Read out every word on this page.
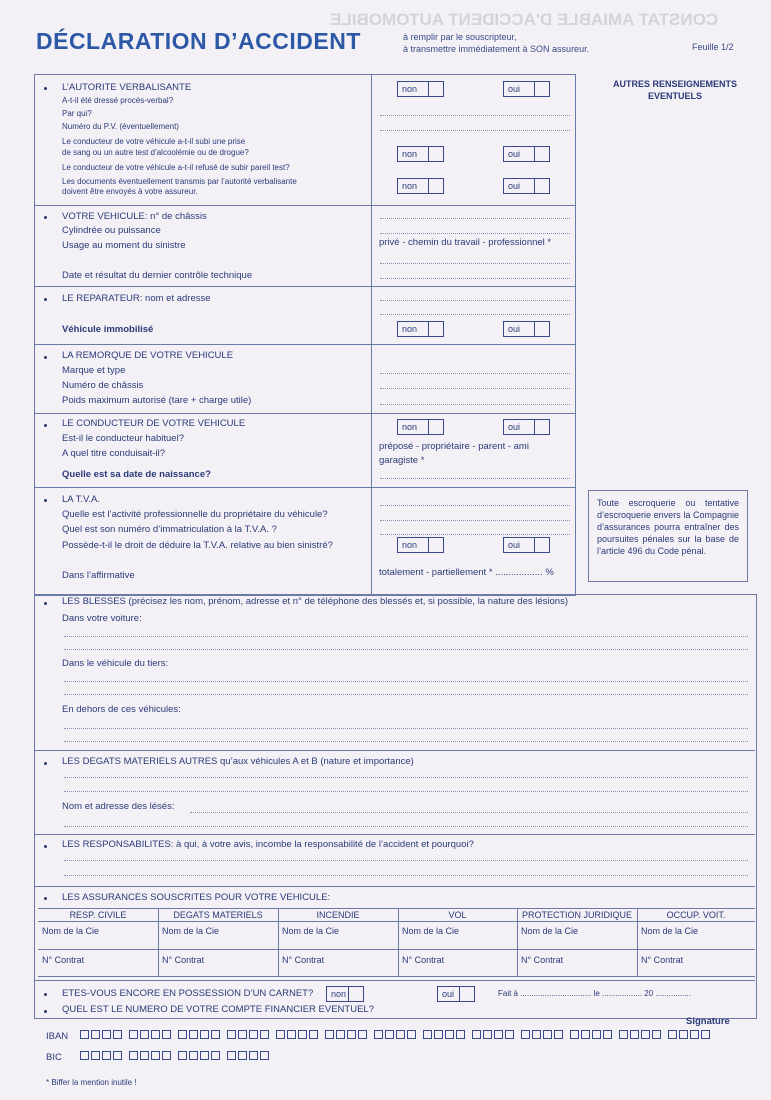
CONSTAT AMIABLE D'ACCIDENT AUTOMOBILE
DÉCLARATION D’ACCIDENT	à remplir par le souscripteur,
à transmettre immédiatement à SON assureur.	Feuille 1/2
AUTRES RENSEIGNEMENTS
EVENTUELS
L’AUTORITE VERBALISANTE
A-t-il été dressé procès-verbal?
Par qui?
Numéro du P.V. (éventuellement)
Le conducteur de votre véhicule a-t-il subi une prise
de sang ou un autre test d’alcoolémie ou de drogue?
Le conducteur de votre véhicule a-t-il refusé de subir pareil test?
Les documents éventuellement transmis par l’autorité verbalisante
doivent être envoyés à votre assureur.
non	oui
non	oui
non	oui
VOTRE VEHICULE: n° de châssis
Cylindrée ou puissance
Usage au moment du sinistre
Date et résultat du dernier contrôle technique
privé - chemin du travail - professionnel *
LE REPARATEUR: nom et adresse
Véhicule immobilisé	non	oui
LA REMORQUE DE VOTRE VEHICULE
Marque et type
Numéro de châssis
Poids maximum autorisé (tare + charge utile)
LE CONDUCTEUR DE VOTRE VEHICULE
Est-il le conducteur habituel?
A quel titre conduisait-il?
Quelle est sa date de naissance?
non	oui
préposé - propriétaire - parent - ami
garagiste *
LA T.V.A.
Quelle est l’activité professionnelle du propriétaire du véhicule?
Quel est son numéro d’immatriculation à la T.V.A. ?
Possède-t-il le droit de déduire la T.V.A. relative au bien sinistré?
Dans l’affirmative
non	oui
totalement - partiellement * .................. %
Toute escroquerie ou tentative d’escroquerie envers la Compagnie d’assurances pourra entraîner des poursuites pénales sur la base de l’article 496 du Code pénal.
LES BLESSES (précisez les nom, prénom, adresse et n° de téléphone des blessés et, si possible, la nature des lésions)
Dans votre voiture:
Dans le véhicule du tiers:
En dehors de ces véhicules:
LES DEGATS MATERIELS AUTRES qu’aux véhicules A et B (nature et importance)
Nom et adresse des lésés:
LES RESPONSABILITES: à qui, à votre avis, incombe la responsabilité de l’accident et pourquoi?
LES ASSURANCES SOUSCRITES POUR VOTRE VEHICULE:
RESP. CIVILE	DEGATS MATERIELS	INCENDIE	VOL	PROTECTION JURIDIQUE	OCCUP. VOIT.
Nom de la Cie	Nom de la Cie	Nom de la Cie	Nom de la Cie	Nom de la Cie	Nom de la Cie
N° Contrat	N° Contrat	N° Contrat	N° Contrat	N° Contrat	N° Contrat
ETES-VOUS ENCORE EN POSSESSION D’UN CARNET?	non	oui	Fait à ................................ le .................. 20 ................
QUEL EST LE NUMERO DE VOTRE COMPTE FINANCIER EVENTUEL?
Signature
IBAN
BIC
* Biffer la mention inutile !
